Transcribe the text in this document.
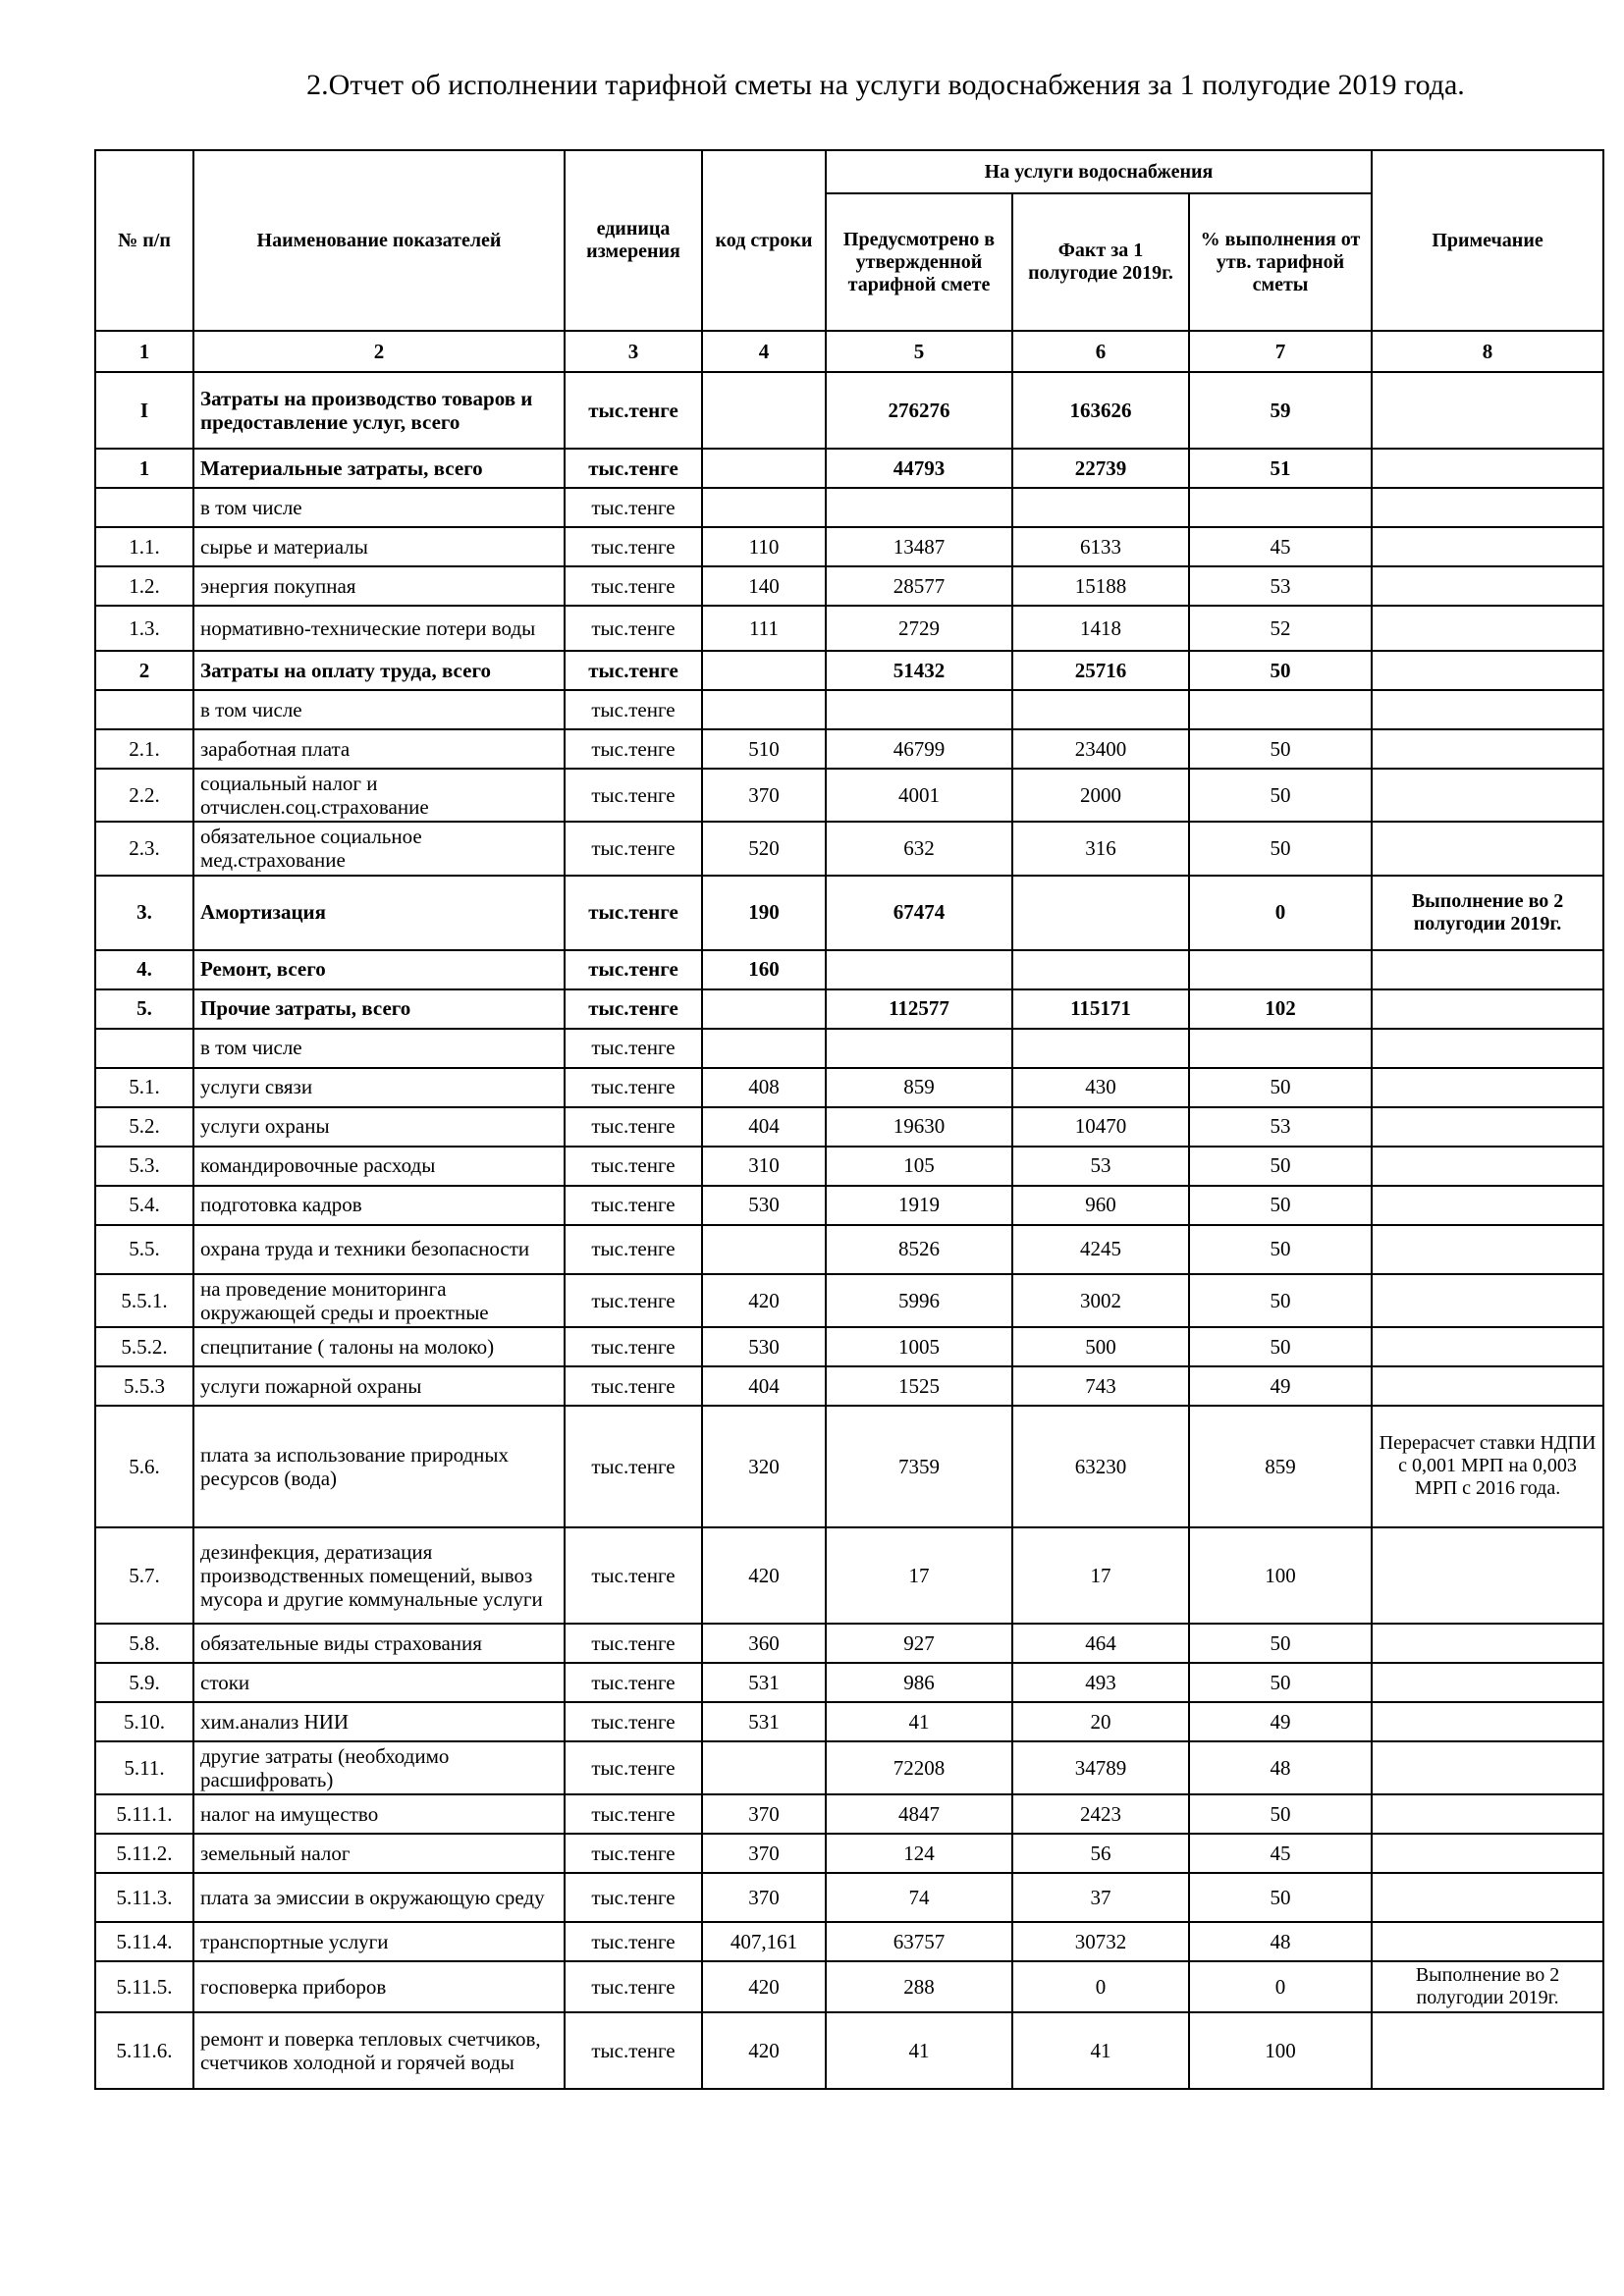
2.Отчет об исполнении тарифной сметы на услуги водоснабжения за 1 полугодие 2019 года.
№ п/п	Наименование показателей	единица измерения	код строки	На услуги водоснабжения			Примечание
				Предусмотрено в утвержденной тарифной смете	Факт за 1 полугодие 2019г.	% выполнения от утв. тарифной сметы	
1	2	3	4	5	6	7	8
I	Затраты на производство товаров и предоставление услуг, всего	тыс.тенге		276276	163626	59	
1	Материальные затраты, всего	тыс.тенге		44793	22739	51	
	в том числе	тыс.тенге					
1.1.	сырье и материалы	тыс.тенге	110	13487	6133	45	
1.2.	энергия покупная	тыс.тенге	140	28577	15188	53	
1.3.	нормативно-технические потери воды	тыс.тенге	111	2729	1418	52	
2	Затраты на оплату труда, всего	тыс.тенге		51432	25716	50	
	в том числе	тыс.тенге					
2.1.	заработная плата	тыс.тенге	510	46799	23400	50	
2.2.	социальный налог и отчислен.соц.страхование	тыс.тенге	370	4001	2000	50	
2.3.	обязательное социальное мед.страхование	тыс.тенге	520	632	316	50	
3.	Амортизация	тыс.тенге	190	67474		0	Выполнение во 2 полугодии 2019г.
4.	Ремонт, всего	тыс.тенге	160				
5.	Прочие затраты, всего	тыс.тенге		112577	115171	102	
	в том числе	тыс.тенге					
5.1.	услуги связи	тыс.тенге	408	859	430	50	
5.2.	услуги охраны	тыс.тенге	404	19630	10470	53	
5.3.	командировочные расходы	тыс.тенге	310	105	53	50	
5.4.	подготовка кадров	тыс.тенге	530	1919	960	50	
5.5.	охрана труда и техники безопасности	тыс.тенге		8526	4245	50	
5.5.1.	на проведение мониторинга окружающей среды и проектные	тыс.тенге	420	5996	3002	50	
5.5.2.	спецпитание ( талоны на молоко)	тыс.тенге	530	1005	500	50	
5.5.3	услуги пожарной охраны	тыс.тенге	404	1525	743	49	
5.6.	плата за использование природных ресурсов (вода)	тыс.тенге	320	7359	63230	859	Перерасчет ставки НДПИ с 0,001 МРП на 0,003 МРП с 2016 года.
5.7.	дезинфекция, дератизация производственных помещений, вывоз мусора и другие коммунальные услуги	тыс.тенге	420	17	17	100	
5.8.	обязательные виды страхования	тыс.тенге	360	927	464	50	
5.9.	стоки	тыс.тенге	531	986	493	50	
5.10.	хим.анализ НИИ	тыс.тенге	531	41	20	49	
5.11.	другие затраты (необходимо расшифровать)	тыс.тенге		72208	34789	48	
5.11.1.	налог на имущество	тыс.тенге	370	4847	2423	50	
5.11.2.	земельный налог	тыс.тенге	370	124	56	45	
5.11.3.	плата за эмиссии в окружающую среду	тыс.тенге	370	74	37	50	
5.11.4.	транспортные услуги	тыс.тенге	407,161	63757	30732	48	
5.11.5.	госповерка приборов	тыс.тенге	420	288	0	0	Выполнение во 2 полугодии 2019г.
5.11.6.	ремонт и поверка тепловых счетчиков, счетчиков холодной и горячей воды	тыс.тенге	420	41	41	100	
